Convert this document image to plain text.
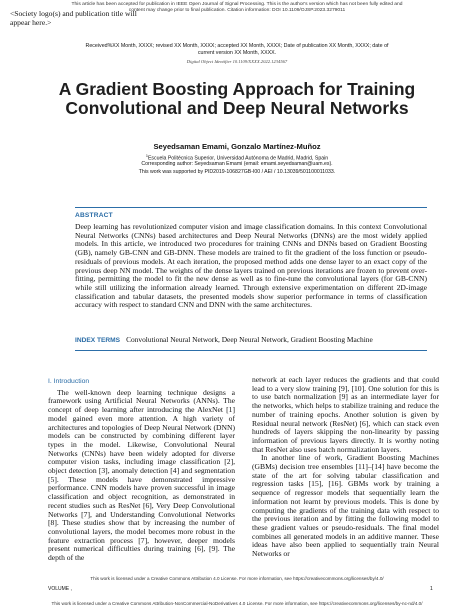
This article has been accepted for publication in IEEE Open Journal of Signal Processing. This is the author's version which has not been fully edited and
content may change prior to final publication. Citation information: DOI 10.1109/OJSP.2023.3279011
<Society logo(s) and publication title will appear here.>
Received%XX Month, XXXX; revised XX Month, XXXX; accepted XX Month, XXXX; Date of publication XX Month, XXXX; date of
current version XX Month, XXXX.
Digital Object Identifier 10.1109/XXXX.2022.1234567
A Gradient Boosting Approach for Training Convolutional and Deep Neural Networks
Seyedsaman Emami, Gonzalo Martínez-Muñoz
$^1$Escuela Politécnica Superior, Universidad Autónoma de Madrid, Madrid, Spain
Corresponding author: Seyedsaman Emami (email: emami.seyedsaman@uam.es).
This work was supported by PID2019-106827GB-I00 / AEI / 10.13039/501100011033.
ABSTRACT
Deep learning has revolutionized computer vision and image classification domains. In this context Convolutional Neural Networks (CNNs) based architectures and Deep Neural Networks (DNNs) are the most widely applied models. In this article, we introduced two procedures for training CNNs and DNNs based on Gradient Boosting (GB), namely GB-CNN and GB-DNN. These models are trained to fit the gradient of the loss function or pseudo-residuals of previous models. At each iteration, the proposed method adds one dense layer to an exact copy of the previous deep NN model. The weights of the dense layers trained on previous iterations are frozen to prevent over-fitting, permitting the model to fit the new dense as well as to fine-tune the convolutional layers (for GB-CNN) while still utilizing the information already learned. Through extensive experimentation on different 2D-image classification and tabular datasets, the presented models show superior performance in terms of classification accuracy with respect to standard CNN and DNN with the same architectures.
INDEX TERMS Convolutional Neural Network, Deep Neural Network, Gradient Boosting Machine
I. Introduction
The well-known deep learning technique designs a framework using Artificial Neural Networks (ANNs). The concept of deep learning after introducing the AlexNet [1] model gained even more attention. A high variety of architectures and topologies of Deep Neural Network (DNN) models can be constructed by combining different layer types in the model. Likewise, Convolutional Neural Networks (CNNs) have been widely adopted for diverse computer vision tasks, including image classification [2], object detection [3], anomaly detection [4] and segmentation [5]. These models have demonstrated impressive performance. CNN models have proven successful in image classification and object recognition, as demonstrated in recent studies such as ResNet [6], Very Deep Convolutional Networks [7], and Understanding Convolutional Networks [8]. These studies show that by increasing the number of convolutional layers, the model becomes more robust in the feature extraction process [7], however, deeper models present numerical difficulties during training [6], [9]. The depth of the
network at each layer reduces the gradients and that could lead to a very slow training [9], [10]. One solution for this is to use batch normalization [9] as an intermediate layer for the networks, which helps to stabilize training and reduce the number of training epochs. Another solution is given by Residual neural network (ResNet) [6], which can stack even hundreds of layers skipping the non-linearity by passing information of previous layers directly. It is worthy noting that ResNet also uses batch normalization layers.
In another line of work, Gradient Boosting Machines (GBMs) decision tree ensembles [11]–[14] have become the state of the art for solving tabular classification and regression tasks [15], [16]. GBMs work by training a sequence of regressor models that sequentially learn the information not learnt by previous models. This is done by computing the gradients of the training data with respect to the previous iteration and by fitting the following model to these gradient values or pseudo-residuals. The final model combines all generated models in an additive manner. These ideas have also been applied to sequentially train Neural Networks or
This work is licensed under a Creative Commons Attribution 4.0 License. For more information, see https://creativecommons.org/licenses/by/4.0/
VOLUME ,	1
This work is licensed under a Creative Commons Attribution-NonCommercial-NoDerivatives 4.0 License. For more information, see https://creativecommons.org/licenses/by-nc-nd/4.0/
